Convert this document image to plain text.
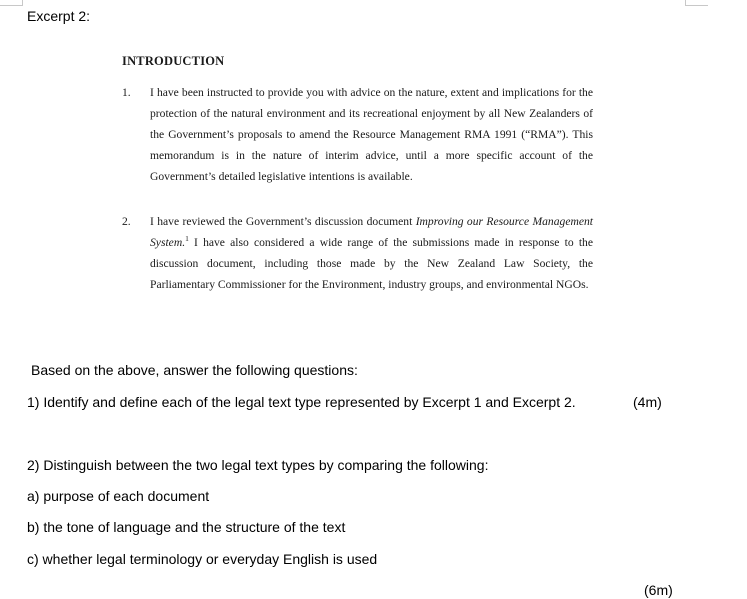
Excerpt 2:

INTRODUCTION

1.	I have been instructed to provide you with advice on the nature, extent and implications for the protection of the natural environment and its recreational enjoyment by all New Zealanders of the Government’s proposals to amend the Resource Management RMA 1991 (“RMA”). This memorandum is in the nature of interim advice, until a more specific account of the Government’s detailed legislative intentions is available.
2.	I have reviewed the Government’s discussion document Improving our Resource Management System.$^1$ I have also considered a wide range of the submissions made in response to the discussion document, including those made by the New Zealand Law Society, the Parliamentary Commissioner for the Environment, industry groups, and environmental NGOs.
Based on the above, answer the following questions:
1) Identify and define each of the legal text type represented by Excerpt 1 and Excerpt 2.	(4m)
2) Distinguish between the two legal text types by comparing the following:
a) purpose of each document
b) the tone of language and the structure of the text
c) whether legal terminology or everyday English is used
(6m)
